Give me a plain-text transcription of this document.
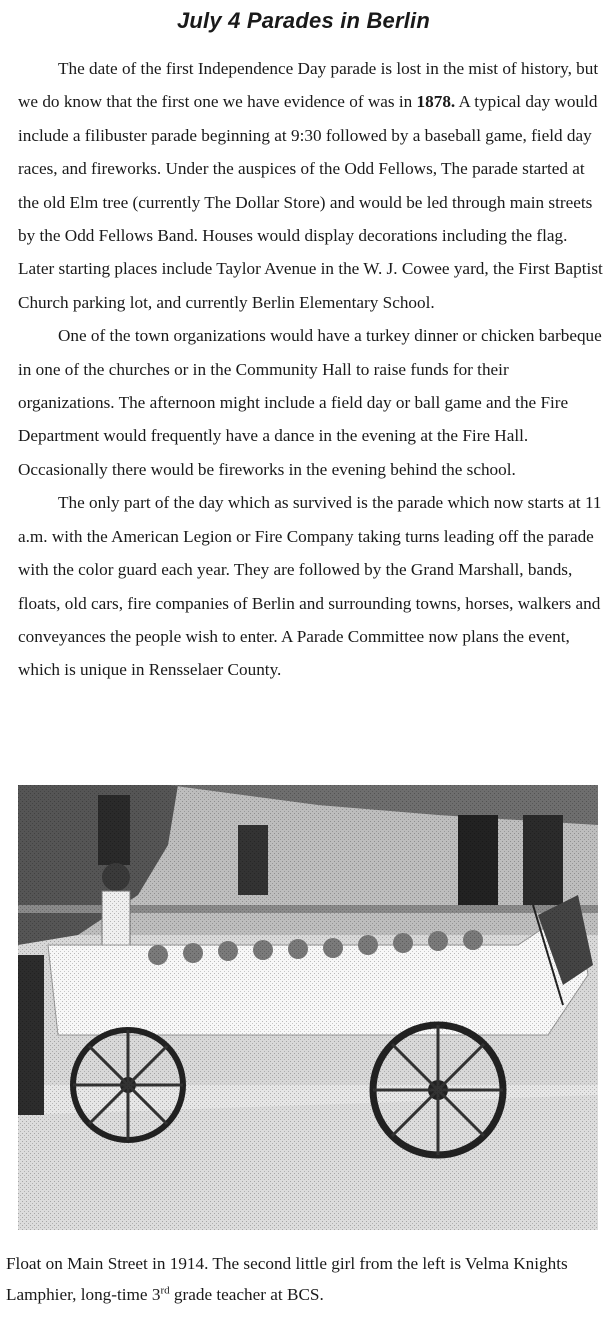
July 4 Parades in Berlin

The date of the first Independence Day parade is lost in the mist of history, but we do know that the first one we have evidence of was in 1878. A typical day would include a filibuster parade beginning at 9:30 followed by a baseball game, field day races, and fireworks. Under the auspices of the Odd Fellows, The parade started at the old Elm tree (currently The Dollar Store) and would be led through main streets by the Odd Fellows Band. Houses would display decorations including the flag. Later starting places include Taylor Avenue in the W. J. Cowee yard, the First Baptist Church parking lot, and currently Berlin Elementary School.

One of the town organizations would have a turkey dinner or chicken barbeque in one of the churches or in the Community Hall to raise funds for their organizations. The afternoon might include a field day or ball game and the Fire Department would frequently have a dance in the evening at the Fire Hall. Occasionally there would be fireworks in the evening behind the school.

The only part of the day which as survived is the parade which now starts at 11 a.m. with the American Legion or Fire Company taking turns leading off the parade with the color guard each year. They are followed by the Grand Marshall, bands, floats, old cars, fire companies of Berlin and surrounding towns, horses, walkers and conveyances the people wish to enter. A Parade Committee now plans the event, which is unique in Rensselaer County.

Float on Main Street in 1914. The second little girl from the left is Velma Knights Lamphier, long-time 3rd grade teacher at BCS.
